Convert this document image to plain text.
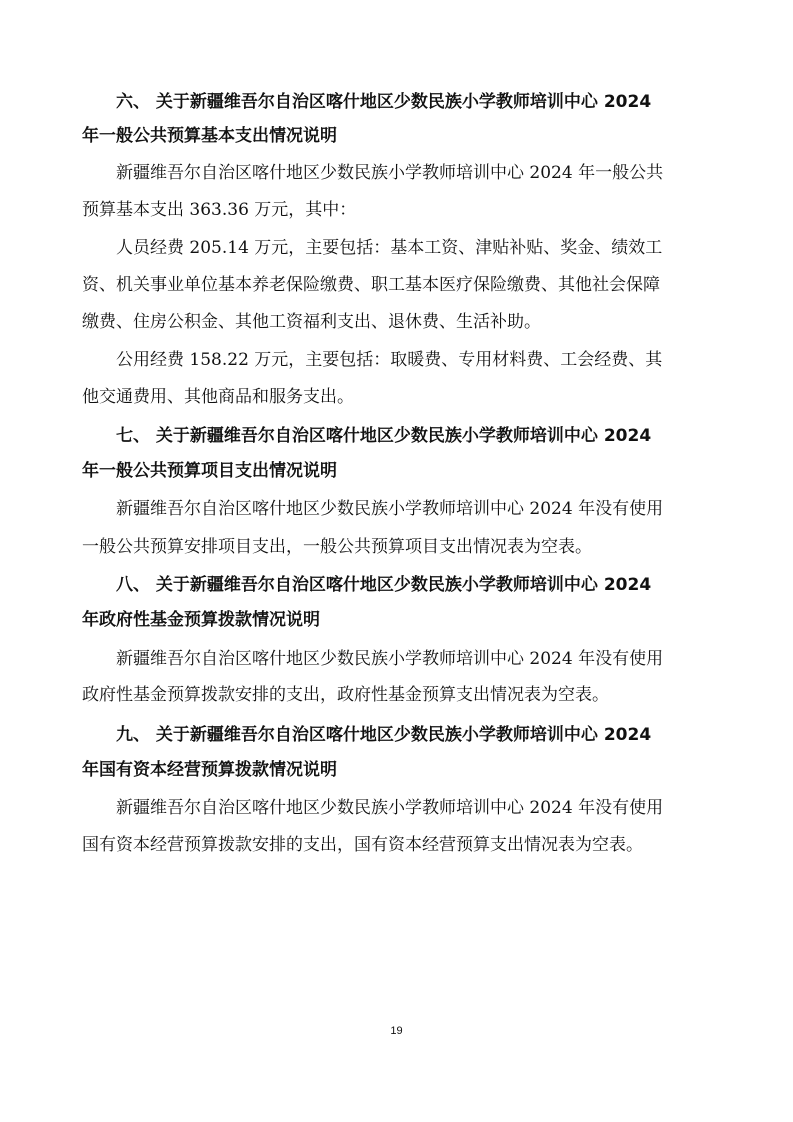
六、 关于新疆维吾尔自治区喀什地区少数民族小学教师培训中心 2024
年一般公共预算基本支出情况说明
新疆维吾尔自治区喀什地区少数民族小学教师培训中心 2024 年一般公共
预算基本支出 363.36 万元，其中：
人员经费 205.14 万元，主要包括：基本工资、津贴补贴、奖金、绩效工
资、机关事业单位基本养老保险缴费、职工基本医疗保险缴费、其他社会保障
缴费、住房公积金、其他工资福利支出、退休费、生活补助。
公用经费 158.22 万元，主要包括：取暖费、专用材料费、工会经费、其
他交通费用、其他商品和服务支出。
七、 关于新疆维吾尔自治区喀什地区少数民族小学教师培训中心 2024
年一般公共预算项目支出情况说明
新疆维吾尔自治区喀什地区少数民族小学教师培训中心 2024 年没有使用
一般公共预算安排项目支出，一般公共预算项目支出情况表为空表。
八、 关于新疆维吾尔自治区喀什地区少数民族小学教师培训中心 2024
年政府性基金预算拨款情况说明
新疆维吾尔自治区喀什地区少数民族小学教师培训中心 2024 年没有使用
政府性基金预算拨款安排的支出，政府性基金预算支出情况表为空表。
九、 关于新疆维吾尔自治区喀什地区少数民族小学教师培训中心 2024
年国有资本经营预算拨款情况说明
新疆维吾尔自治区喀什地区少数民族小学教师培训中心 2024 年没有使用
国有资本经营预算拨款安排的支出，国有资本经营预算支出情况表为空表。
19
